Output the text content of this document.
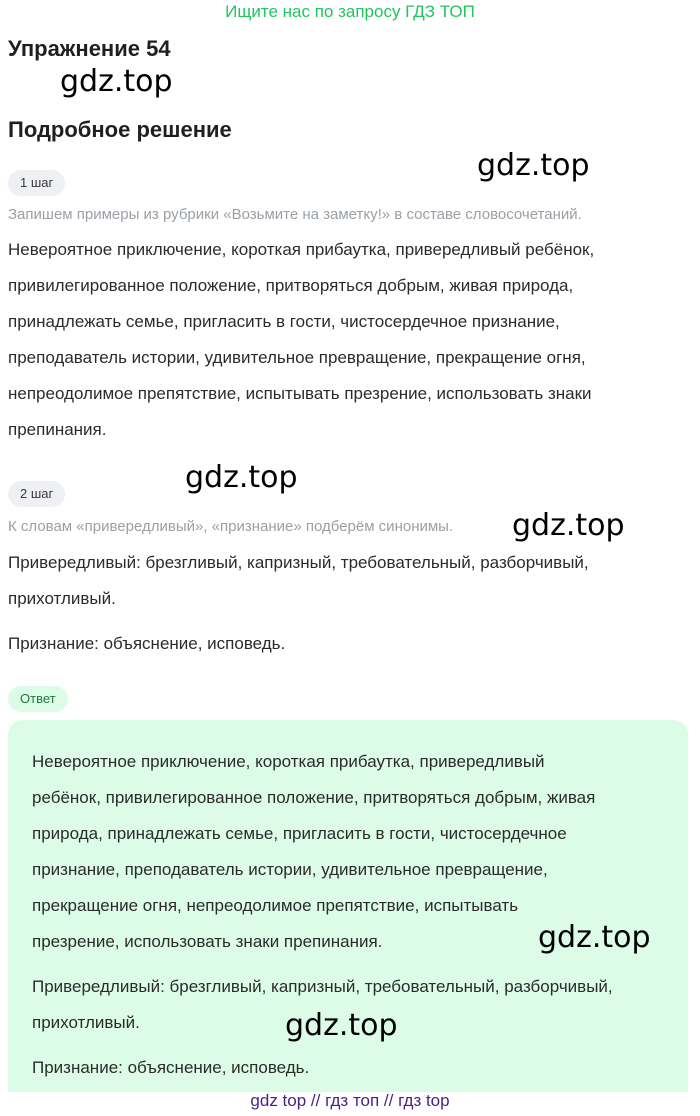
Ищите нас по запросу ГДЗ ТОП
Упражнение 54
gdz.top
Подробное решение
gdz.top
1 шаг
Запишем примеры из рубрики «Возьмите на заметку!» в составе словосочетаний.
Невероятное приключение, короткая прибаутка, привередливый ребёнок,
привилегированное положение, притворяться добрым, живая природа,
принадлежать семье, пригласить в гости, чистосердечное признание,
преподаватель истории, удивительное превращение, прекращение огня,
непреодолимое препятствие, испытывать презрение, использовать знаки
препинания.
2 шаг	gdz.top
К словам «привередливый», «признание» подберём синонимы. gdz.top
Привередливый: брезгливый, капризный, требовательный, разборчивый,
прихотливый.
Признание: объяснение, исповедь.
Ответ
Невероятное приключение, короткая прибаутка, привередливый
ребёнок, привилегированное положение, притворяться добрым, живая
природа, принадлежать семье, пригласить в гости, чистосердечное
признание, преподаватель истории, удивительное превращение,
прекращение огня, непреодолимое препятствие, испытывать
презрение, использовать знаки препинания.
Привередливый: брезгливый, капризный, требовательный, разборчивый,
прихотливый.
Признание: объяснение, исповедь.
gdz.top
gdz.top
gdz top // гдз топ // гдз top
